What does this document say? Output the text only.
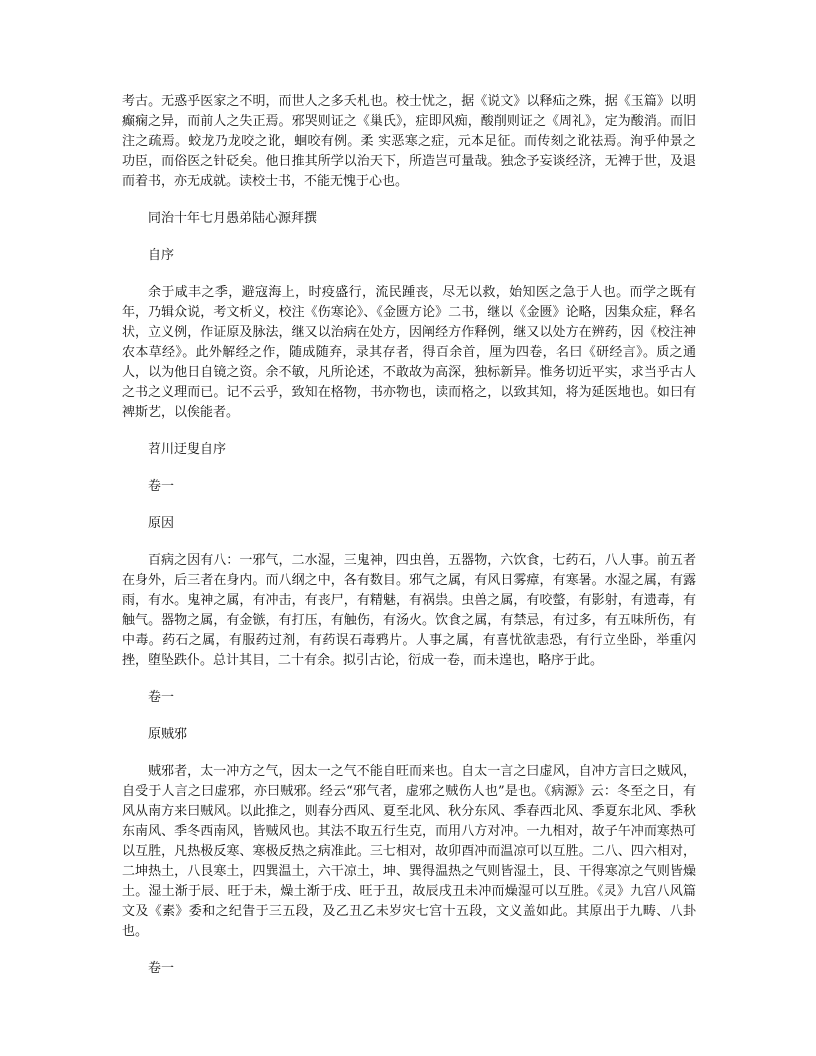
考古。无惑乎医家之不明，而世人之多夭札也。校士忧之，据《说文》以释疝之殊，据《玉篇》以明癫痫之异，而前人之失正焉。邪哭则证之《巢氏》，症即风痴，酸削则证之《周礼》，定为酸消。而旧注之疏焉。蛟龙乃龙咬之讹，蛔咬有例。柔 实恶寒之症，元本足征。而传刻之讹祛焉。洵乎仲景之功臣，而俗医之针砭矣。他日推其所学以治天下，所造岂可量哉。独念予妄谈经济，无裨于世，及退而着书，亦无成就。读校士书，不能无愧于心也。

同治十年七月愚弟陆心源拜撰

自序

余于咸丰之季，避寇海上，时疫盛行，流民踵丧，尽无以救，始知医之急于人也。而学之既有年，乃辑众说，考文析义，校注《伤寒论》、《金匮方论》二书，继以《金匮》论略，因集众症，释名状，立义例，作证原及脉法，继又以治病在处方，因阐经方作释例，继又以处方在辨药，因《校注神农本草经》。此外解经之作，随成随弃，录其存者，得百余首，厘为四卷，名曰《研经言》。质之通人，以为他日自镜之资。余不敏，凡所论述，不敢故为高深，独标新异。惟务切近平实，求当乎古人之书之义理而已。记不云乎，致知在格物，书亦物也，读而格之，以致其知，将为延医地也。如曰有裨斯艺，以俟能者。

苕川迂叟自序

卷一

原因

百病之因有八：一邪气，二水湿，三鬼神，四虫兽，五器物，六饮食，七药石，八人事。前五者在身外，后三者在身内。而八纲之中，各有数目。邪气之属，有风日雾瘴，有寒暑。水湿之属，有露雨，有水。鬼神之属，有冲击，有丧尸，有精魅，有祸祟。虫兽之属，有咬螫，有影射，有遗毒，有触气。器物之属，有金镞，有打压，有触伤，有汤火。饮食之属，有禁忌，有过多，有五味所伤，有中毒。药石之属，有服药过剂，有药误石毒鸦片。人事之属，有喜忧欲恚恐，有行立坐卧，举重闪挫，堕坠跌仆。总计其目，二十有余。拟引古论，衍成一卷，而未遑也，略序于此。

卷一

原贼邪

贼邪者，太一冲方之气，因太一之气不能自旺而来也。自太一言之曰虚风，自冲方言曰之贼风，自受于人言之曰虚邪，亦曰贼邪。经云“邪气者，虚邪之贼伤人也”是也。《病源》云：冬至之日，有风从南方来曰贼风。以此推之，则春分西风、夏至北风、秋分东风、季春西北风、季夏东北风、季秋东南风、季冬西南风，皆贼风也。其法不取五行生克，而用八方对冲。一九相对，故子午冲而寒热可以互胜，凡热极反寒、寒极反热之病准此。三七相对，故卯酉冲而温凉可以互胜。二八、四六相对，二坤热土，八艮寒土，四巽温土，六干凉土，坤、巽得温热之气则皆湿土，艮、干得寒凉之气则皆燥土。湿土渐于辰、旺于未，燥土渐于戌、旺于丑，故辰戌丑未冲而燥湿可以互胜。《灵》九宫八风篇文及《素》委和之纪眚于三五段，及乙丑乙未岁灾七宫十五段，文义盖如此。其原出于九畴、八卦也。

卷一
